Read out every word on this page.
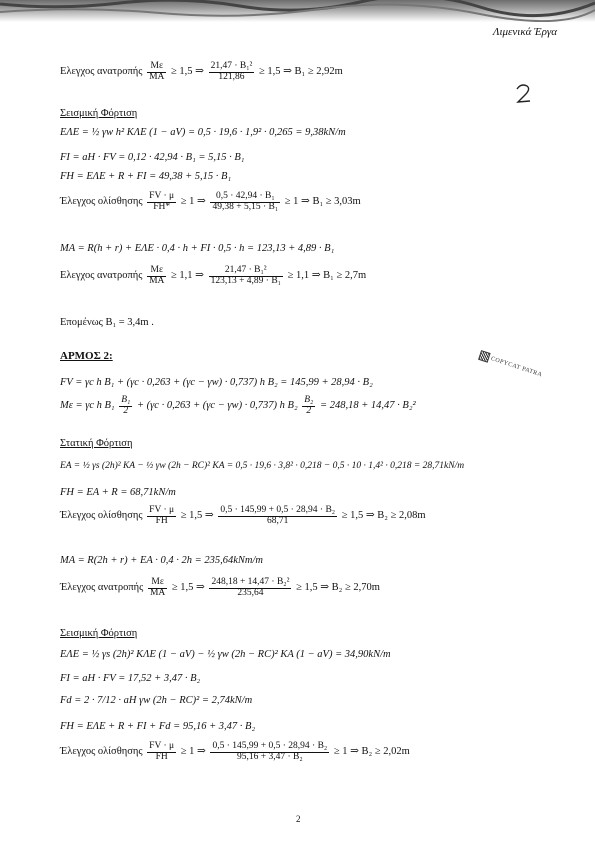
Λιμενικά Έργα
COPYCAT PATRA
Ελεγχος ανατροπής $\frac{M\varepsilon}{MA} \ge 1,5$ ⇒ $\frac{\text{21,47 · B₁²}}{121,86} \ge 1,5$ ⇒ B₁ ≥ 2,92m
Σεισμική Φόρτιση
EΛΕ = ½ γw h² KΛΕ (1 − aV) = 0,5 · 19,6 · 1,9² · 0,265 = 9,38kN/m
FI = aH · FV = 0,12 · 42,94 · B₁ = 5,15 · B₁
FH = EΛΕ + R + FI = 49,38 + 5,15 · B₁
Έλεγχος ολίσθησης $\frac{FV \cdot \mu}{FH*} \ge 1$ ⇒ $\frac{\text{0,5 · 42,94 · B₁}}{\text{49,38 + 5,15 · B₁}} \ge 1$ ⇒ B₁ ≥ 3,03m
MA = R(h + r) + EΛΕ · 0,4 · h + FI · 0,5 · h = 123,13 + 4,89 · B₁
Ελεγχος ανατροπής $\frac{M\varepsilon}{MA} \ge 1,1$ ⇒ $\frac{\text{21,47 · B₁²}}{\text{123,13 + 4,89 · B₁}} \ge 1,1$ ⇒ B₁ ≥ 2,7m
Επομένως B₁ = 3,4m .
ΑΡΜΟΣ 2:
FV = γc h B₁ + (γc · 0,263 + (γc − γw) · 0,737) h B₂ = 145,99 + 28,94 · B₂
Mε = γc h $B_1 \frac{\text{B₁}}{2} + (\gamma c \cdot 0,263 + (\gamma c - \gamma w) \cdot 0,737)$ h $B_2 \frac{\text{B₂}}{2} = 248,18 + 14,47 \cdot B_2^2$
Στατική Φόρτιση
EA = ½ γs (2h)² KA − ½ γw (2h − RC)² KA = 0,5 · 19,6 · 3,8² · 0,218 − 0,5 · 10 · 1,4² · 0,218 = 28,71kN/m
FH = EA + R = 68,71kN/m
Έλεγχος ολίσθησης $\frac{FV \cdot \mu}{FH} \ge 1,5$ ⇒ $\frac{\text{0,5 · 145,99 + 0,5 · 28,94 · B₂}}{68,71} \ge 1,5$ ⇒ B₂ ≥ 2,08m
MA = R(2h + r) + EA · 0,4 · 2h = 235,64kNm/m
Έλεγχος ανατροπής $\frac{M\varepsilon}{MA} \ge 1,5$ ⇒ $\frac{\text{248,18 + 14,47 · B₂²}}{235,64} \ge 1,5$ ⇒ B₂ ≥ 2,70m
Σεισμική Φόρτιση
EΛΕ = ½ γs (2h)² KΛΕ (1 − aV) − ½ γw (2h − RC)² KA (1 − aV) = 34,90kN/m
FI = aH · FV = 17,52 + 3,47 · B₂
Fd = 2 · 7/12 · aH γw (2h − RC)² = 2,74kN/m
FH = EΛΕ + R + FI + Fd = 95,16 + 3,47 · B₂
Έλεγχος ολίσθησης $\frac{FV \cdot \mu}{FH} \ge 1$ ⇒ $\frac{\text{0,5 · 145,99 + 0,5 · 28,94 · B₂}}{\text{95,16 + 3,47 · B₂}} \ge 1$ ⇒ B₂ ≥ 2,02m
2
